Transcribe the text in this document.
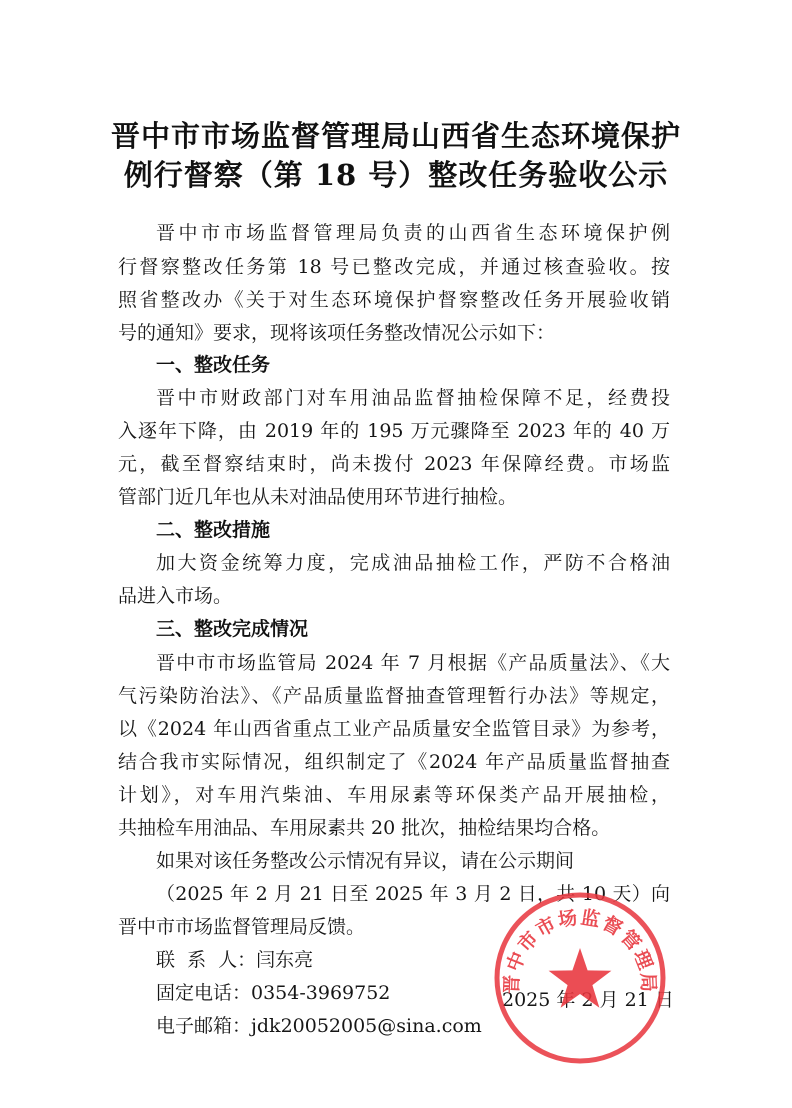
晋中市市场监督管理局山西省生态环境保护
例行督察（第 18 号）整改任务验收公示
晋中市市场监督管理局负责的山西省生态环境保护例
行督察整改任务第 18 号已整改完成，并通过核查验收。按
照省整改办《关于对生态环境保护督察整改任务开展验收销
号的通知》要求，现将该项任务整改情况公示如下：
一、整改任务
晋中市财政部门对车用油品监督抽检保障不足，经费投
入逐年下降，由 2019 年的 195 万元骤降至 2023 年的 40 万
元，截至督察结束时，尚未拨付 2023 年保障经费。市场监
管部门近几年也从未对油品使用环节进行抽检。
二、整改措施
加大资金统筹力度，完成油品抽检工作，严防不合格油
品进入市场。
三、整改完成情况
晋中市市场监管局 2024 年 7 月根据《产品质量法》、《大
气污染防治法》、《产品质量监督抽查管理暂行办法》等规定，
以《2024 年山西省重点工业产品质量安全监管目录》为参考，
结合我市实际情况，组织制定了《2024 年产品质量监督抽查
计划》，对车用汽柴油、车用尿素等环保类产品开展抽检，
共抽检车用油品、车用尿素共 20 批次，抽检结果均合格。
如果对该任务整改公示情况有异议，请在公示期间
（2025 年 2 月 21 日至 2025 年 3 月 2 日，共 10 天）向
晋中市市场监督管理局反馈。
联  系  人：闫东亮
固定电话：0354-3969752
电子邮箱：jdk20052005@sina.com
2025 年 2 月 21 日
晋中市市场监督管理局
